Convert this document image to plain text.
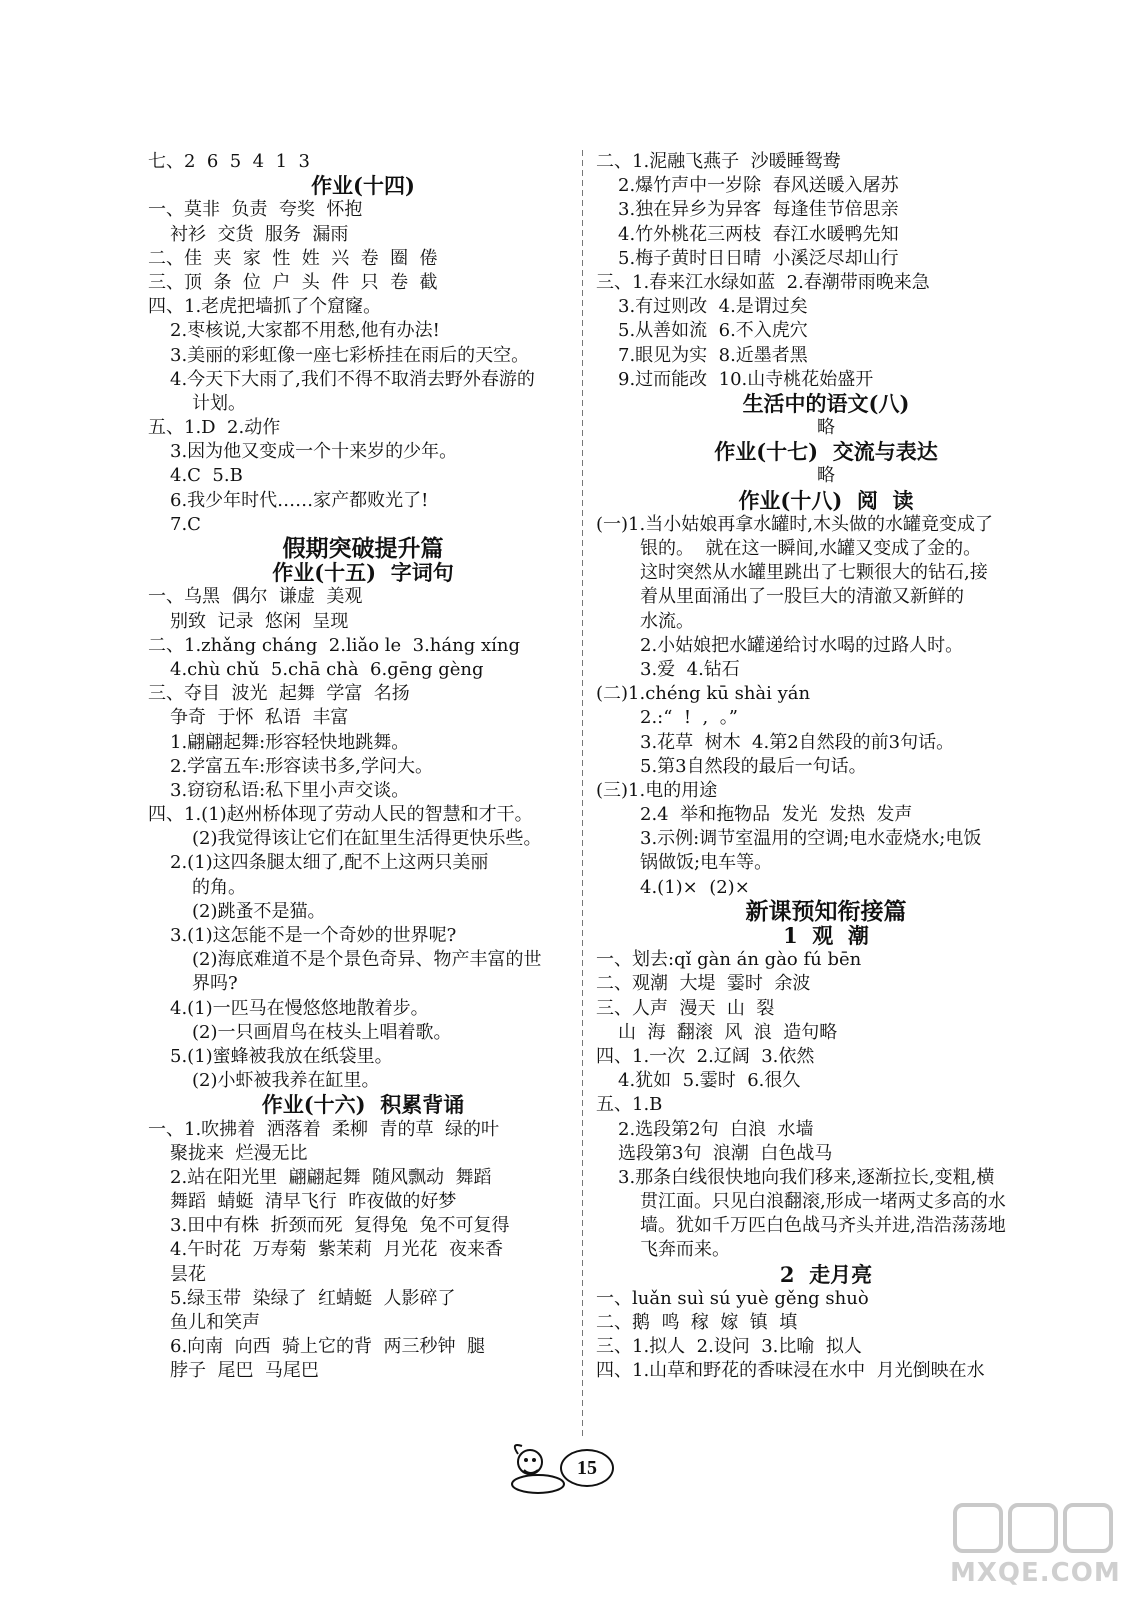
七、2  6  5  4  1  3
作业(十四)
一、莫非  负责  夸奖  怀抱
衬衫  交货  服务  漏雨
二、佳  夹  家  性  姓  兴  卷  圈  倦
三、顶  条  位  户  头  件  只  卷  截
四、1.老虎把墙抓了个窟窿。
2.枣核说,大家都不用愁,他有办法!
3.美丽的彩虹像一座七彩桥挂在雨后的天空。
4.今天下大雨了,我们不得不取消去野外春游的
计划。
五、1.D  2.动作
3.因为他又变成一个十来岁的少年。
4.C  5.B
6.我少年时代……家产都败光了!
7.C
假期突破提升篇
作业(十五)  字词句
一、乌黑  偶尔  谦虚  美观
别致  记录  悠闲  呈现
二、1.zhǎng cháng  2.liǎo le  3.háng xíng
4.chù chǔ  5.chā chà  6.gēng gèng
三、夺目  波光  起舞  学富  名扬
争奇  于怀  私语  丰富
1.翩翩起舞:形容轻快地跳舞。
2.学富五车:形容读书多,学问大。
3.窃窃私语:私下里小声交谈。
四、1.(1)赵州桥体现了劳动人民的智慧和才干。
(2)我觉得该让它们在缸里生活得更快乐些。
2.(1)这四条腿太细了,配不上这两只美丽
的角。
(2)跳蚤不是猫。
3.(1)这怎能不是一个奇妙的世界呢?
(2)海底难道不是个景色奇异、物产丰富的世
界吗?
4.(1)一匹马在慢悠悠地散着步。
(2)一只画眉鸟在枝头上唱着歌。
5.(1)蜜蜂被我放在纸袋里。
(2)小虾被我养在缸里。
作业(十六)  积累背诵
一、1.吹拂着  洒落着  柔柳  青的草  绿的叶
聚拢来  烂漫无比
2.站在阳光里  翩翩起舞  随风飘动  舞蹈
舞蹈  蜻蜓  清早飞行  昨夜做的好梦
3.田中有株  折颈而死  复得兔  兔不可复得
4.午时花  万寿菊  紫茉莉  月光花  夜来香
昙花
5.绿玉带  染绿了  红蜻蜓  人影碎了
鱼儿和笑声
6.向南  向西  骑上它的背  两三秒钟  腿
脖子  尾巴  马尾巴
二、1.泥融飞燕子  沙暖睡鸳鸯
2.爆竹声中一岁除  春风送暖入屠苏
3.独在异乡为异客  每逢佳节倍思亲
4.竹外桃花三两枝  春江水暖鸭先知
5.梅子黄时日日晴  小溪泛尽却山行
三、1.春来江水绿如蓝  2.春潮带雨晚来急
3.有过则改  4.是谓过矣
5.从善如流  6.不入虎穴
7.眼见为实  8.近墨者黑
9.过而能改  10.山寺桃花始盛开
生活中的语文(八)
略
作业(十七)  交流与表达
略
作业(十八)  阅  读
(一)1.当小姑娘再拿水罐时,木头做的水罐竟变成了
银的。  就在这一瞬间,水罐又变成了金的。
这时突然从水罐里跳出了七颗很大的钻石,接
着从里面涌出了一股巨大的清澈又新鲜的
水流。
2.小姑娘把水罐递给讨水喝的过路人时。
3.爱  4.钻石
(二)1.chéng kū shài yán
2.:“  !  ,  。”
3.花草  树木  4.第2自然段的前3句话。
5.第3自然段的最后一句话。
(三)1.电的用途
2.4  举和拖物品  发光  发热  发声
3.示例:调节室温用的空调;电水壶烧水;电饭
锅做饭;电车等。
4.(1)×  (2)×
新课预知衔接篇
1  观  潮
一、划去:qǐ gàn án gào fú bēn
二、观潮  大堤  霎时  余波
三、人声  漫天  山  裂
山  海  翻滚  风  浪  造句略
四、1.一次  2.辽阔  3.依然
4.犹如  5.霎时  6.很久
五、1.B
2.选段第2句  白浪  水墙
选段第3句  浪潮  白色战马
3.那条白线很快地向我们移来,逐渐拉长,变粗,横
贯江面。只见白浪翻滚,形成一堵两丈多高的水
墙。犹如千万匹白色战马齐头并进,浩浩荡荡地
飞奔而来。
2  走月亮
一、luǎn suì sú yuè gěng shuò
二、鹅  鸣  稼  嫁  镇  填
三、1.拟人  2.设问  3.比喻  拟人
四、1.山草和野花的香味浸在水中  月光倒映在水
15
MXQE.COM
